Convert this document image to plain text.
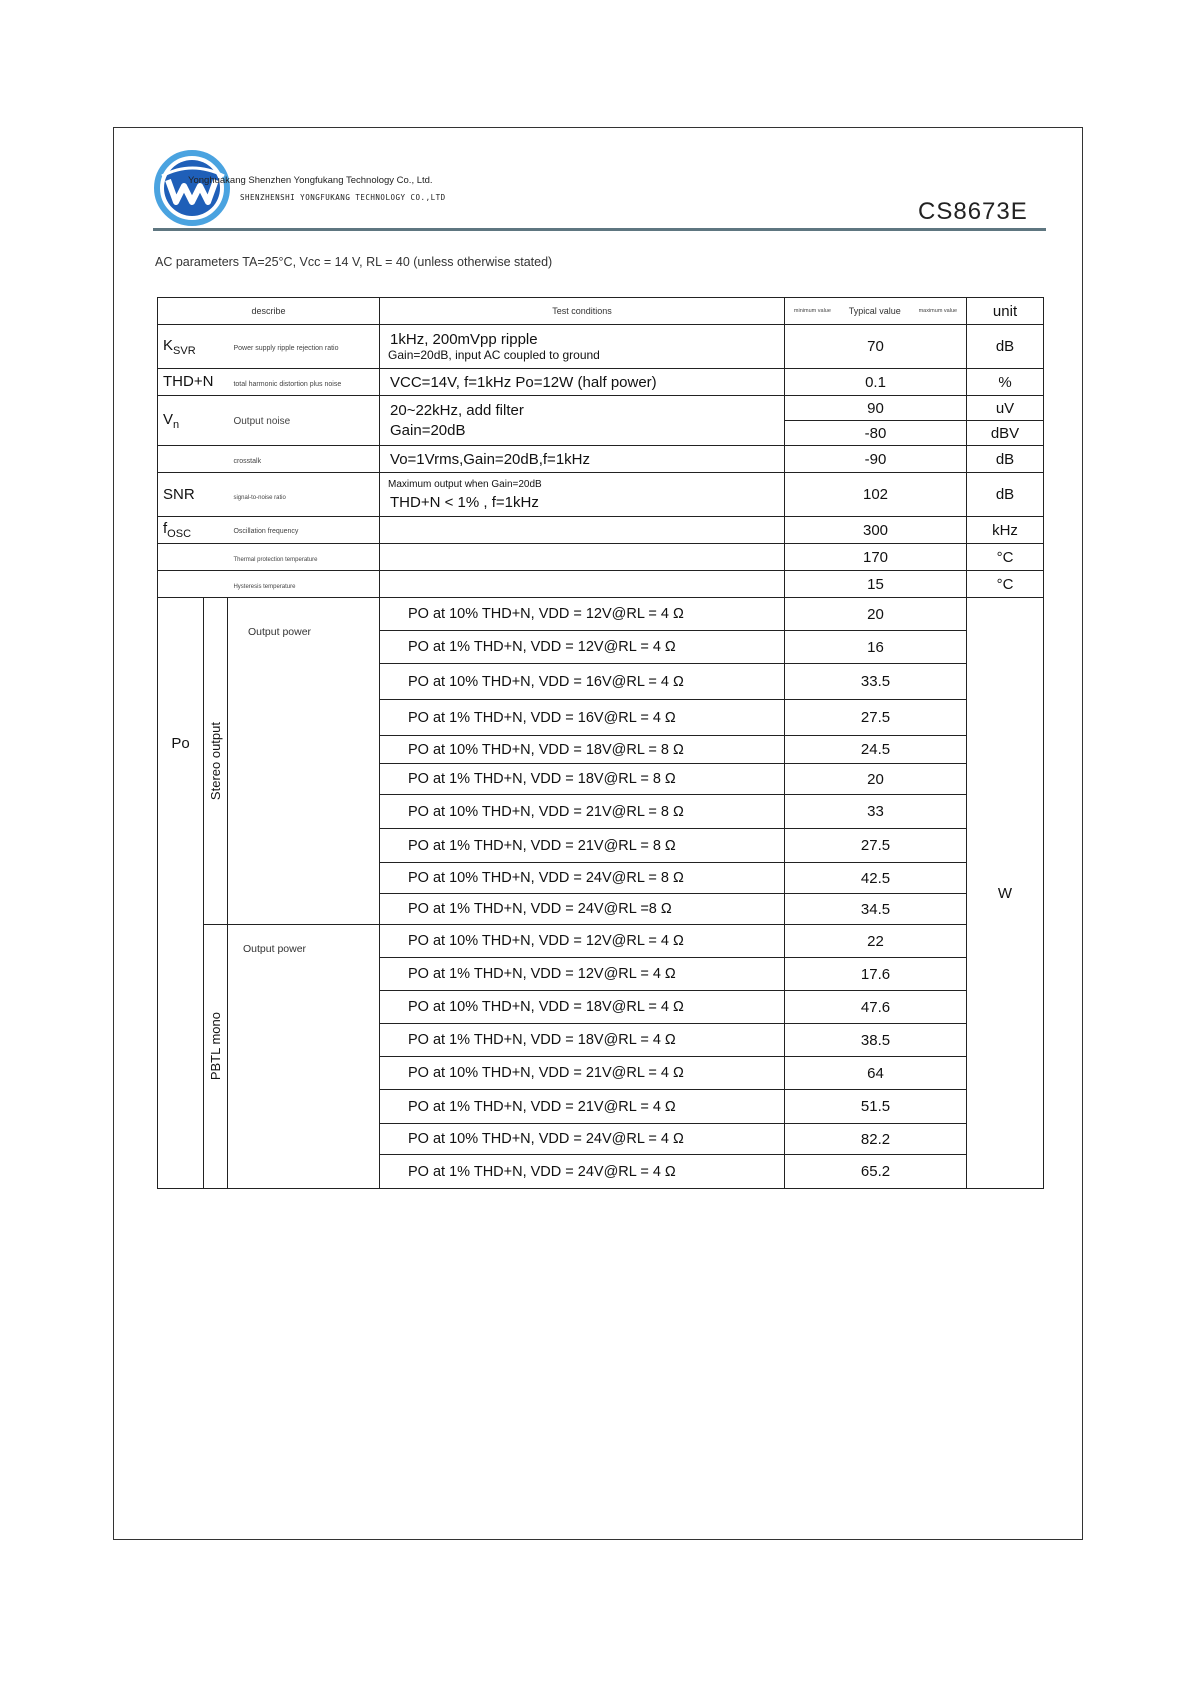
Yonghuakang Shenzhen Yongfukang Technology Co., Ltd.
SHENZHENSHI YONGFUKANG TECHNOLOGY CO.,LTD
CS8673E
AC parameters TA=25°C, Vcc = 14 V, RL = 40 (unless otherwise stated)
describe			Test conditions	minimum value Typical value maximum value	unit
$K_{SVR}$ Power supply ripple rejection ratio			1kHz, 200mVpp ripple
Gain=20dB, input AC coupled to ground	70	dB
THD+N total harmonic distortion plus noise			VCC=14V, f=1kHz Po=12W (half power)	0.1	%
$V_n$ Output noise			20~22kHz, add filter
Gain=20dB	90	uV
				-80	dBV
crosstalk			Vo=1Vrms,Gain=20dB,f=1kHz	-90	dB
SNR signal-to-noise ratio			Maximum output when Gain=20dB
THD+N < 1% , f=1kHz	102	dB
$f_{OSC}$ Oscillation frequency				300	kHz
Thermal protection temperature				170	°C
Hysteresis temperature				15	°C
Po	Stereo output	Output power	PO at 10% THD+N, VDD = 12V@RL = 4 Ω	20	W
			PO at 1% THD+N, VDD = 12V@RL = 4 Ω	16	
			PO at 10% THD+N, VDD = 16V@RL = 4 Ω	33.5	
			PO at 1% THD+N, VDD = 16V@RL = 4 Ω	27.5	
			PO at 10% THD+N, VDD = 18V@RL = 8 Ω	24.5	
			PO at 1% THD+N, VDD = 18V@RL = 8 Ω	20	
			PO at 10% THD+N, VDD = 21V@RL = 8 Ω	33	
			PO at 1% THD+N, VDD = 21V@RL = 8 Ω	27.5	
			PO at 10% THD+N, VDD = 24V@RL = 8 Ω	42.5	
			PO at 1% THD+N, VDD = 24V@RL =8 Ω	34.5	

	PBTL mono	Output power	PO at 10% THD+N, VDD = 12V@RL = 4 Ω	22	
			PO at 1% THD+N, VDD = 12V@RL = 4 Ω	17.6	
			PO at 10% THD+N, VDD = 18V@RL = 4 Ω	47.6	
			PO at 1% THD+N, VDD = 18V@RL = 4 Ω	38.5	
			PO at 10% THD+N, VDD = 21V@RL = 4 Ω	64	
			PO at 1% THD+N, VDD = 21V@RL = 4 Ω	51.5	
			PO at 10% THD+N, VDD = 24V@RL = 4 Ω	82.2	
			PO at 1% THD+N, VDD = 24V@RL = 4 Ω	65.2	
